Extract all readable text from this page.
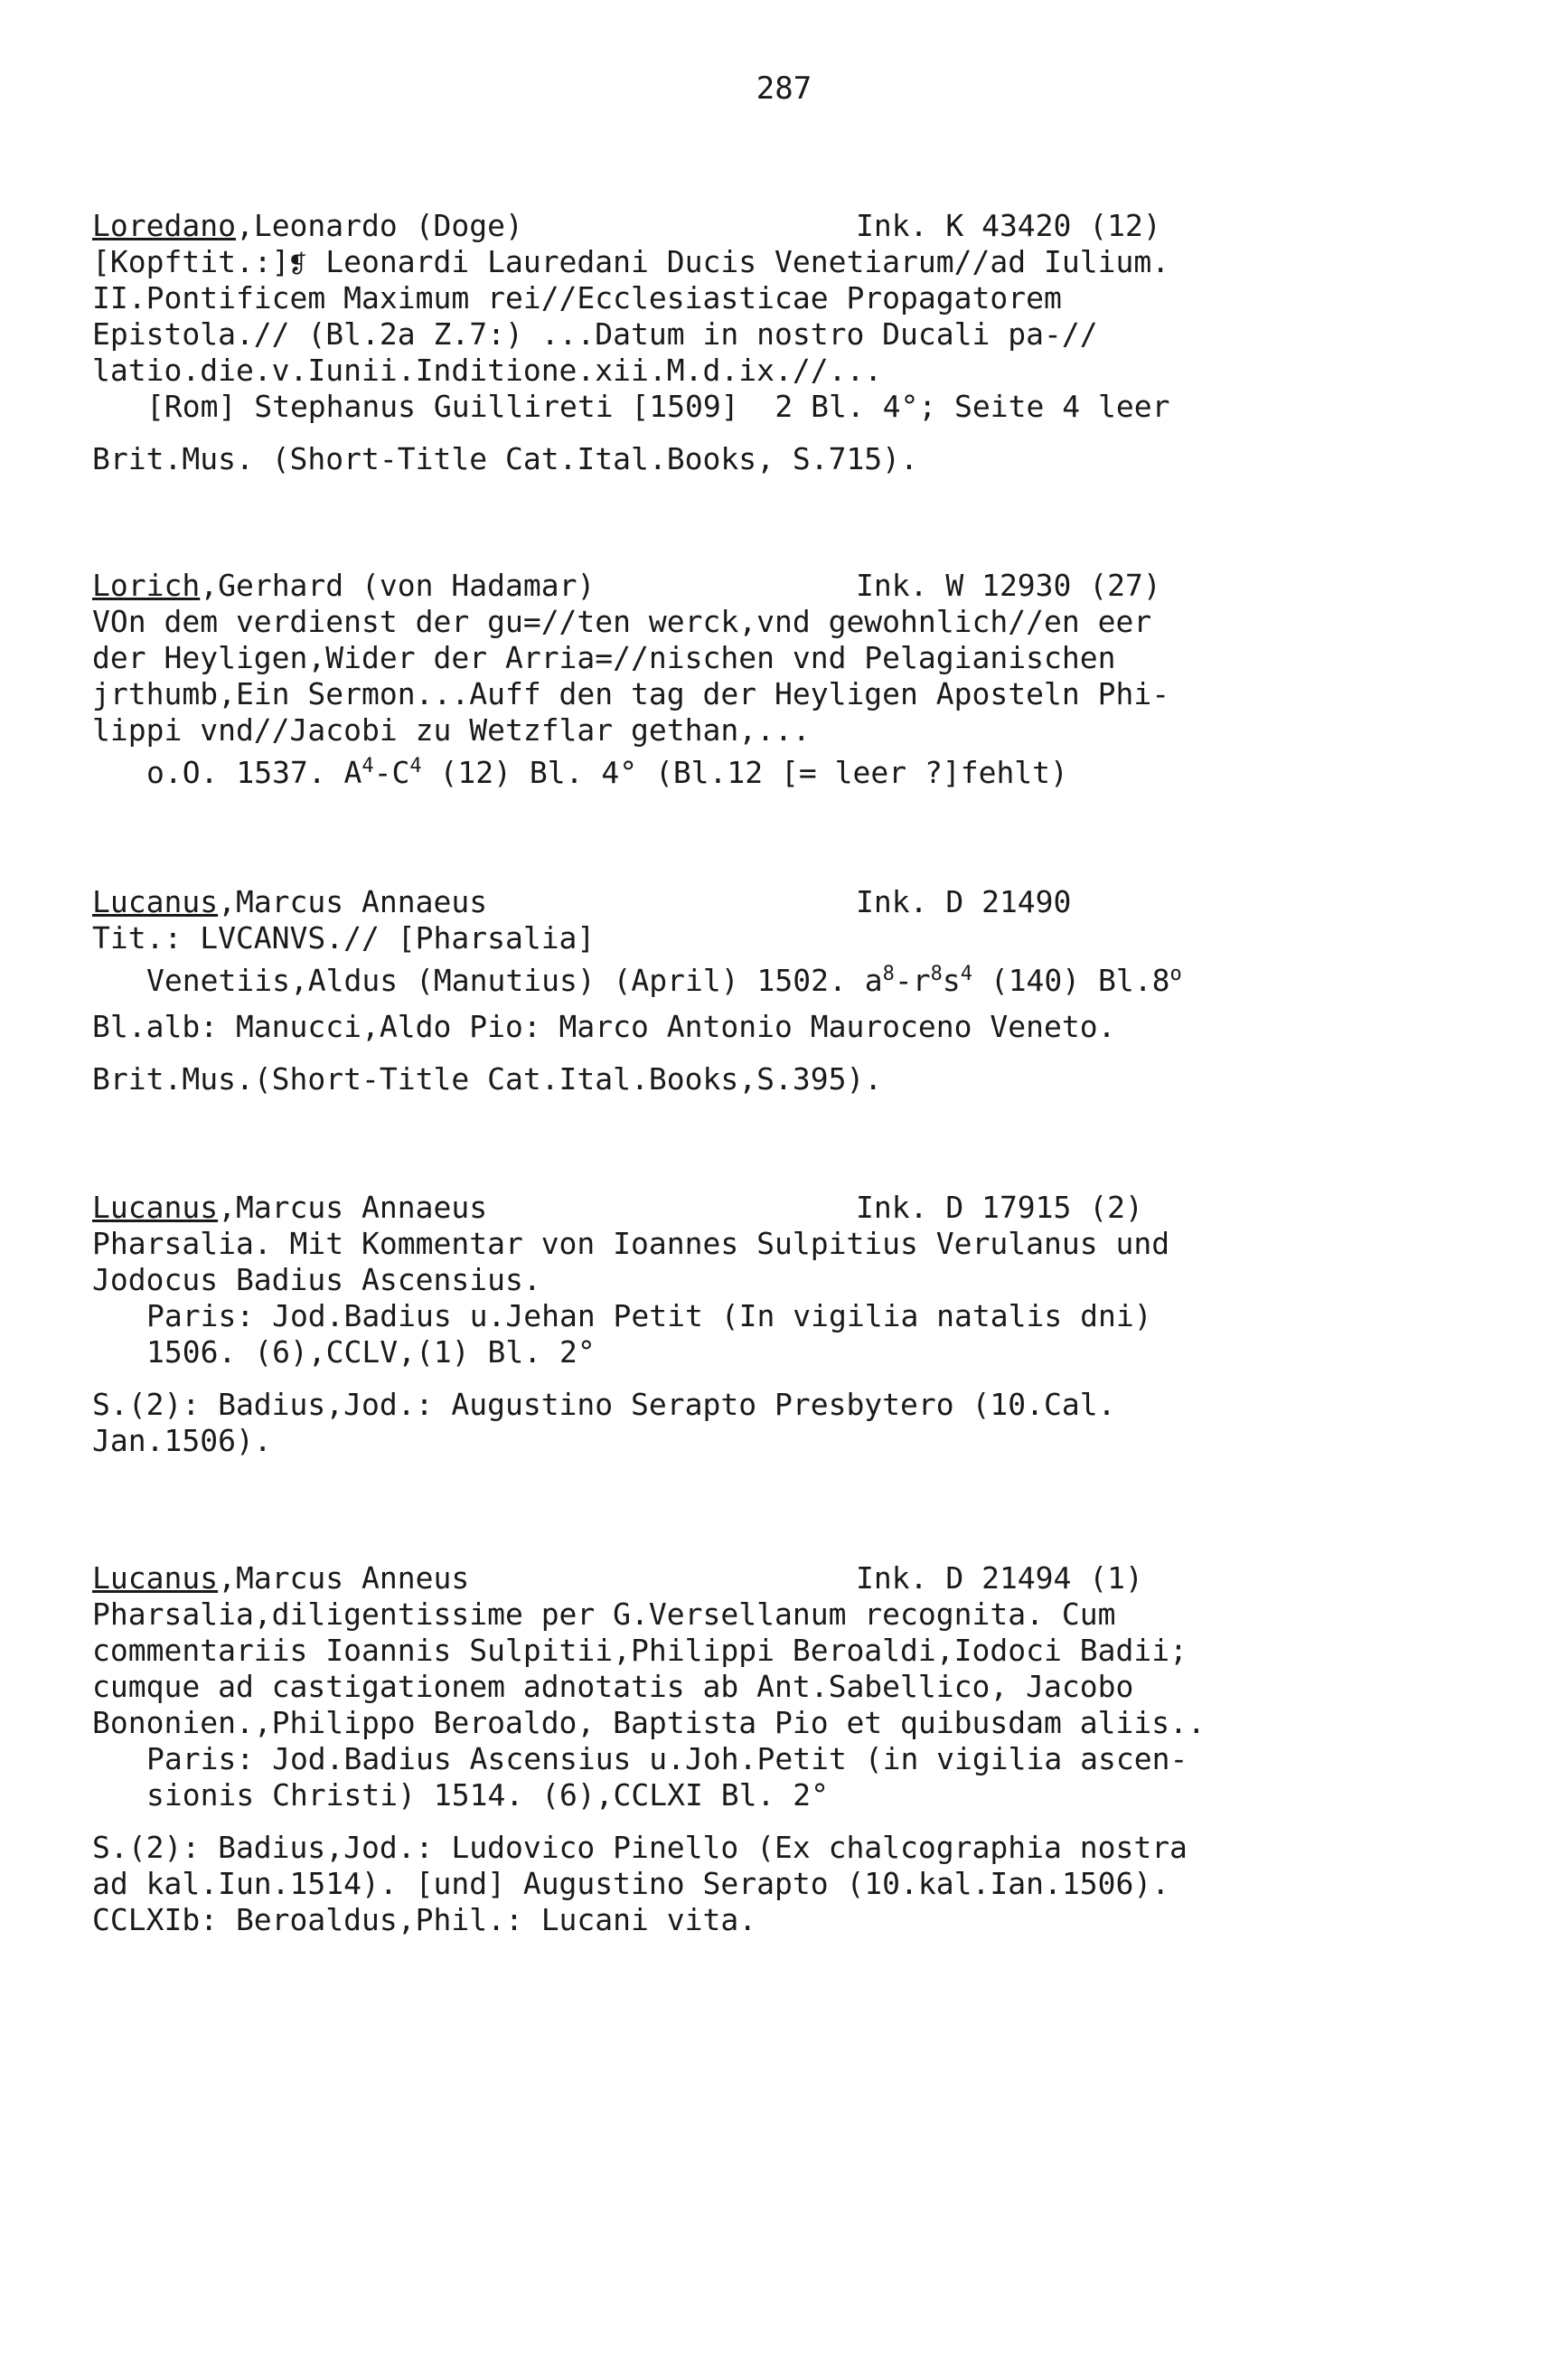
287
Loredano,Leonardo (Doge)	Ink. K 43420 (12)
[Kopftit.:]❡ Leonardi Lauredani Ducis Venetiarum//ad Iulium.
II.Pontificem Maximum rei//Ecclesiasticae Propagatorem
Epistola.// (Bl.2a Z.7:) ...Datum in nostro Ducali pa-//
latio.die.v.Iunii.Inditione.xii.M.d.ix.//...
[Rom] Stephanus Guillireti [1509]  2 Bl. 4°; Seite 4 leer
Brit.Mus. (Short-Title Cat.Ital.Books, S.715).
Lorich,Gerhard (von Hadamar)	Ink. W 12930 (27)
VOn dem verdienst der gu=//ten werck,vnd gewohnlich//en eer
der Heyligen,Wider der Arria=//nischen vnd Pelagianischen
jrthumb,Ein Sermon...Auff den tag der Heyligen Aposteln Phi-
lippi vnd//Jacobi zu Wetzflar gethan,...
o.O. 1537. $A^4-C^4$ (12) Bl. 4° (Bl.12 [= leer ?]fehlt)
Lucanus,Marcus Annaeus	Ink. D 21490
Tit.: LVCANVS.// [Pharsalia]
Venetiis,Aldus (Manutius) (April) 1502. $a^8-r^8s^4$ (140) Bl.8$^o$
Bl.alb: Manucci,Aldo Pio: Marco Antonio Mauroceno Veneto.
Brit.Mus.(Short-Title Cat.Ital.Books,S.395).
Lucanus,Marcus Annaeus	Ink. D 17915 (2)
Pharsalia. Mit Kommentar von Ioannes Sulpitius Verulanus und
Jodocus Badius Ascensius.
Paris: Jod.Badius u.Jehan Petit (In vigilia natalis dni)
1506. (6),CCLV,(1) Bl. 2°
S.(2): Badius,Jod.: Augustino Serapto Presbytero (10.Cal.
Jan.1506).
Lucanus,Marcus Anneus	Ink. D 21494 (1)
Pharsalia,diligentissime per G.Versellanum recognita. Cum
commentariis Ioannis Sulpitii,Philippi Beroaldi,Iodoci Badii;
cumque ad castigationem adnotatis ab Ant.Sabellico, Jacobo
Bononien.,Philippo Beroaldo, Baptista Pio et quibusdam aliis..
Paris: Jod.Badius Ascensius u.Joh.Petit (in vigilia ascen-
sionis Christi) 1514. (6),CCLXI Bl. 2°
S.(2): Badius,Jod.: Ludovico Pinello (Ex chalcographia nostra
ad kal.Iun.1514). [und] Augustino Serapto (10.kal.Ian.1506).
CCLXIb: Beroaldus,Phil.: Lucani vita.
